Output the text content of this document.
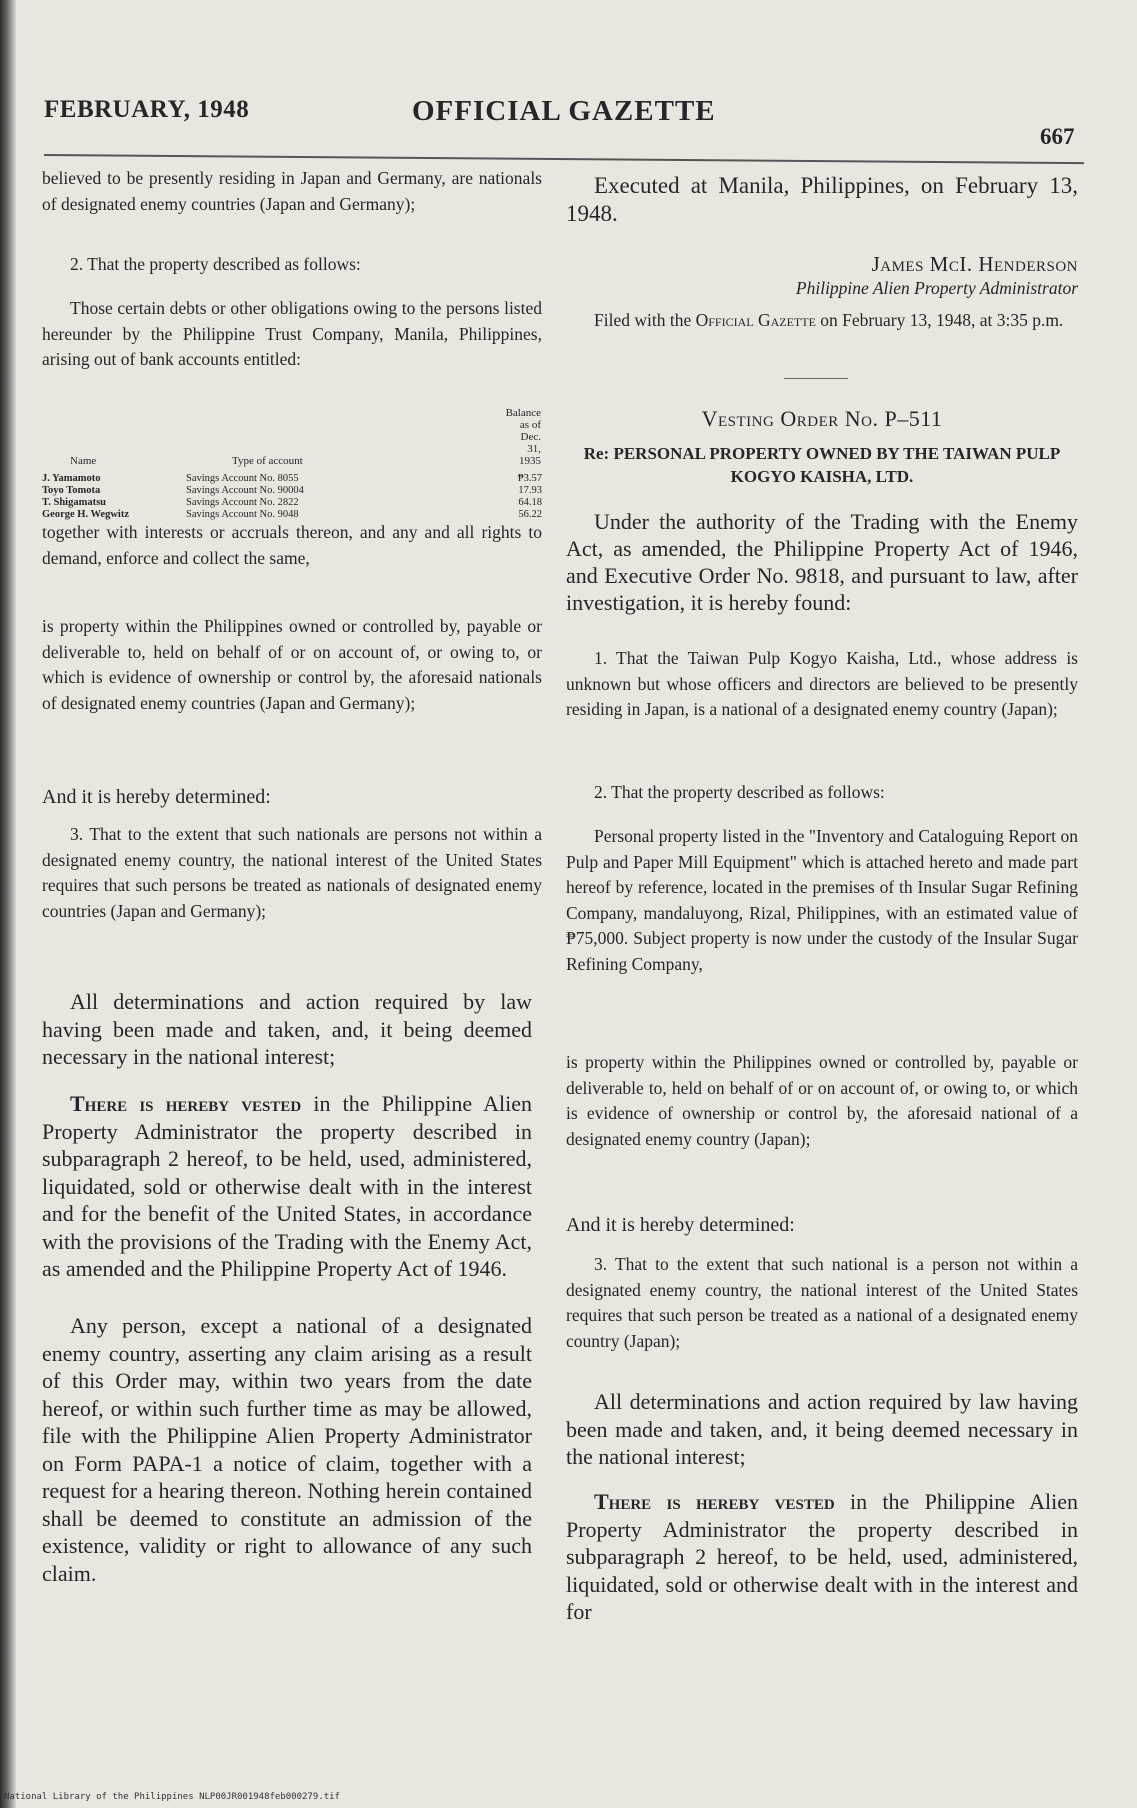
FEBRUARY, 1948	OFFICIAL GAZETTE
667

believed to be presently residing in Japan and Germany, are nationals of designated enemy countries (Japan and Germany);

2. That the property described as follows:

Those certain debts or other obligations owing to the persons listed hereunder by the Philippine Trust Company, Manila, Philippines, arising out of bank accounts entitled:

Name	Type of account	Balance as of
Dec. 31, 1935

J. Yamamoto	Savings Account No. 8055	₱3.57
Toyo Tomota	Savings Account No. 90004	17.93
T. Shigamatsu	Savings Account No. 2822	64.18
George H. Wegwitz	Savings Account No. 9048	56.22

together with interests or accruals thereon, and any and all rights to demand, enforce and collect the same,

is property within the Philippines owned or controlled by, payable or deliverable to, held on behalf of or on account of, or owing to, or which is evidence of ownership or control by, the aforesaid nationals of designated enemy countries (Japan and Germany);

And it is hereby determined:

3. That to the extent that such nationals are persons not within a designated enemy country, the national interest of the United States requires that such persons be treated as nationals of designated enemy countries (Japan and Germany);

All determinations and action required by law having been made and taken, and, it being deemed necessary in the national interest;

There is hereby vested in the Philippine Alien Property Administrator the property described in subparagraph 2 hereof, to be held, used, administered, liquidated, sold or otherwise dealt with in the interest and for the benefit of the United States, in accordance with the provisions of the Trading with the Enemy Act, as amended and the Philippine Property Act of 1946.

Any person, except a national of a designated enemy country, asserting any claim arising as a result of this Order may, within two years from the date hereof, or within such further time as may be allowed, file with the Philippine Alien Property Administrator on Form PAPA-1 a notice of claim, together with a request for a hearing thereon. Nothing herein contained shall be deemed to constitute an admission of the existence, validity or right to allowance of any such claim.

Executed at Manila, Philippines, on February 13, 1948.

James McI. Henderson
Philippine Alien Property Administrator

Filed with the Official Gazette on February 13, 1948, at 3:35 p.m.

Vesting Order No. P–511
Re: PERSONAL PROPERTY OWNED BY THE TAIWAN PULP KOGYO KAISHA, LTD.

Under the authority of the Trading with the Enemy Act, as amended, the Philippine Property Act of 1946, and Executive Order No. 9818, and pursuant to law, after investigation, it is hereby found:

1. That the Taiwan Pulp Kogyo Kaisha, Ltd., whose address is unknown but whose officers and directors are believed to be presently residing in Japan, is a national of a designated enemy country (Japan);

2. That the property described as follows:

Personal property listed in the "Inventory and Cataloguing Report on Pulp and Paper Mill Equipment" which is attached hereto and made part hereof by reference, located in the premises of th Insular Sugar Refining Company, mandaluyong, Rizal, Philippines, with an estimated value of ₱75,000. Subject property is now under the custody of the Insular Sugar Refining Company,

is property within the Philippines owned or controlled by, payable or deliverable to, held on behalf of or on account of, or owing to, or which is evidence of ownership or control by, the aforesaid national of a designated enemy country (Japan);

And it is hereby determined:

3. That to the extent that such national is a person not within a designated enemy country, the national interest of the United States requires that such person be treated as a national of a designated enemy country (Japan);

All determinations and action required by law having been made and taken, and, it being deemed necessary in the national interest;

There is hereby vested in the Philippine Alien Property Administrator the property described in subparagraph 2 hereof, to be held, used, administered, liquidated, sold or otherwise dealt with in the interest and for

National Library of the Philippines NLP00JR001948feb000279.tif
